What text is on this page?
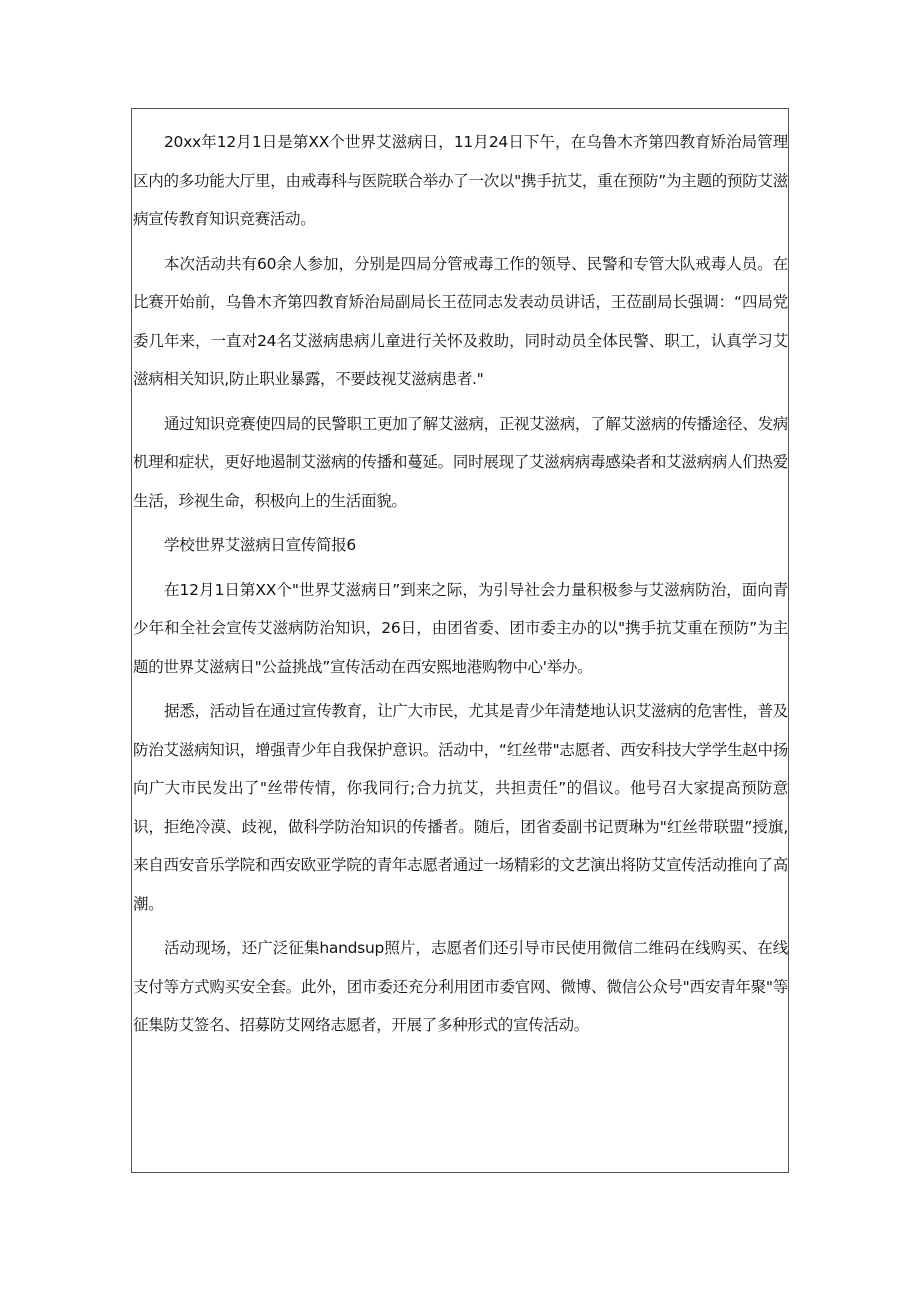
20xx年12月1日是第XX个世界艾滋病日，11月24日下午，在乌鲁木齐第四教育矫治局管理区内的多功能大厅里，由戒毒科与医院联合举办了一次以"携手抗艾，重在预防”为主题的预防艾滋病宣传教育知识竞赛活动。

本次活动共有60余人参加，分别是四局分管戒毒工作的领导、民警和专管大队戒毒人员。在比赛开始前，乌鲁木齐第四教育矫治局副局长王莅同志发表动员讲话，王莅副局长强调：“四局党委几年来，一直对24名艾滋病患病儿童进行关怀及救助，同时动员全体民警、职工，认真学习艾滋病相关知识,防止职业暴露，不要歧视艾滋病患者."

通过知识竞赛使四局的民警职工更加了解艾滋病，正视艾滋病，了解艾滋病的传播途径、发病机理和症状，更好地遏制艾滋病的传播和蔓延。同时展现了艾滋病病毒感染者和艾滋病病人们热爱生活，珍视生命，积极向上的生活面貌。

学校世界艾滋病日宣传简报6

在12月1日第XX个"世界艾滋病日”到来之际，为引导社会力量积极参与艾滋病防治，面向青少年和全社会宣传艾滋病防治知识，26日，由团省委、团市委主办的以"携手抗艾重在预防”为主题的世界艾滋病日"公益挑战”宣传活动在西安熙地港购物中心'举办。

据悉，活动旨在通过宣传教育，让广大市民，尤其是青少年清楚地认识艾滋病的危害性，普及防治艾滋病知识，增强青少年自我保护意识。活动中，“红丝带"志愿者、西安科技大学学生赵中扬向广大市民发出了"丝带传情，你我同行;合力抗艾，共担责任”的倡议。他号召大家提高预防意识，拒绝冷漠、歧视，做科学防治知识的传播者。随后，团省委副书记贾琳为"红丝带联盟”授旗,来自西安音乐学院和西安欧亚学院的青年志愿者通过一场精彩的文艺演出将防艾宣传活动推向了高潮。

活动现场，还广泛征集handsup照片，志愿者们还引导市民使用微信二维码在线购买、在线支付等方式购买安全套。此外，团市委还充分利用团市委官网、微博、微信公众号"西安青年聚"等征集防艾签名、招募防艾网络志愿者，开展了多种形式的宣传活动。
